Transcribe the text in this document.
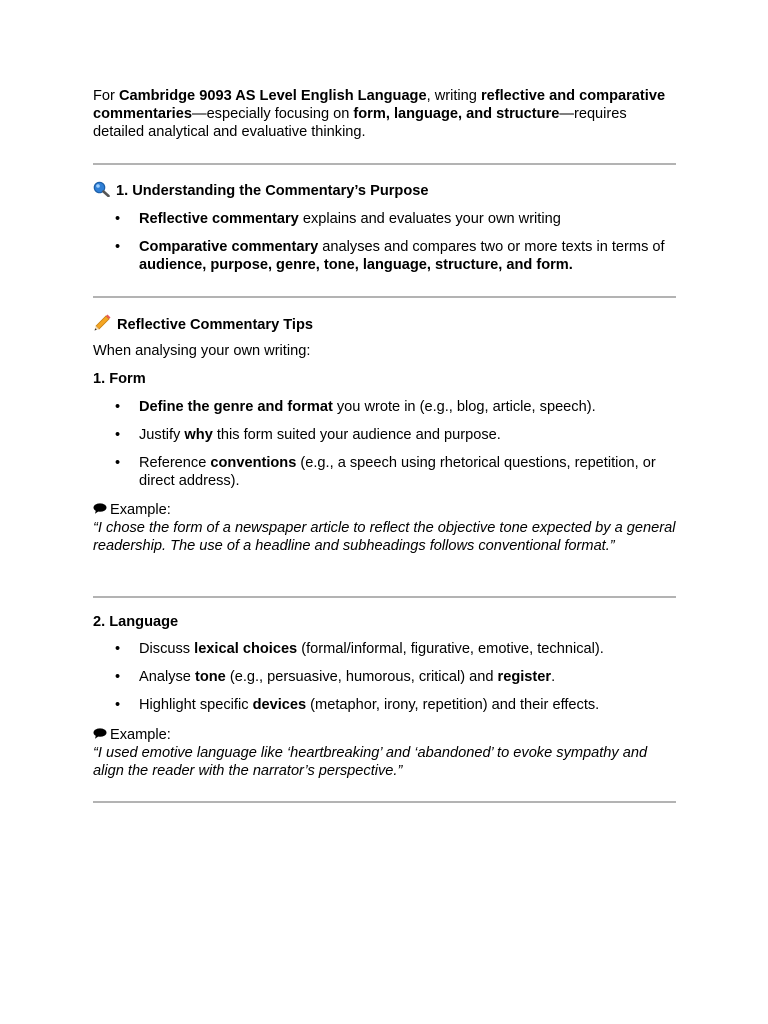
For Cambridge 9093 AS Level English Language, writing reflective and comparative commentaries—especially focusing on form, language, and structure—requires detailed analytical and evaluative thinking.

1. Understanding the Commentary’s Purpose
• Reflective commentary explains and evaluates your own writing
• Comparative commentary analyses and compares two or more texts in terms of audience, purpose, genre, tone, language, structure, and form.
Reflective Commentary Tips

When analysing your own writing:

1. Form

• Define the genre and format you wrote in (e.g., blog, article, speech).
• Justify why this form suited your audience and purpose.
• Reference conventions (e.g., a speech using rhetorical questions, repetition, or direct address).
Example:
“I chose the form of a newspaper article to reflect the objective tone expected by a general readership. The use of a headline and subheadings follows conventional format.”

2. Language

• Discuss lexical choices (formal/informal, figurative, emotive, technical).
• Analyse tone (e.g., persuasive, humorous, critical) and register.
• Highlight specific devices (metaphor, irony, repetition) and their effects.
Example:
“I used emotive language like ‘heartbreaking’ and ‘abandoned’ to evoke sympathy and align the reader with the narrator’s perspective.”
